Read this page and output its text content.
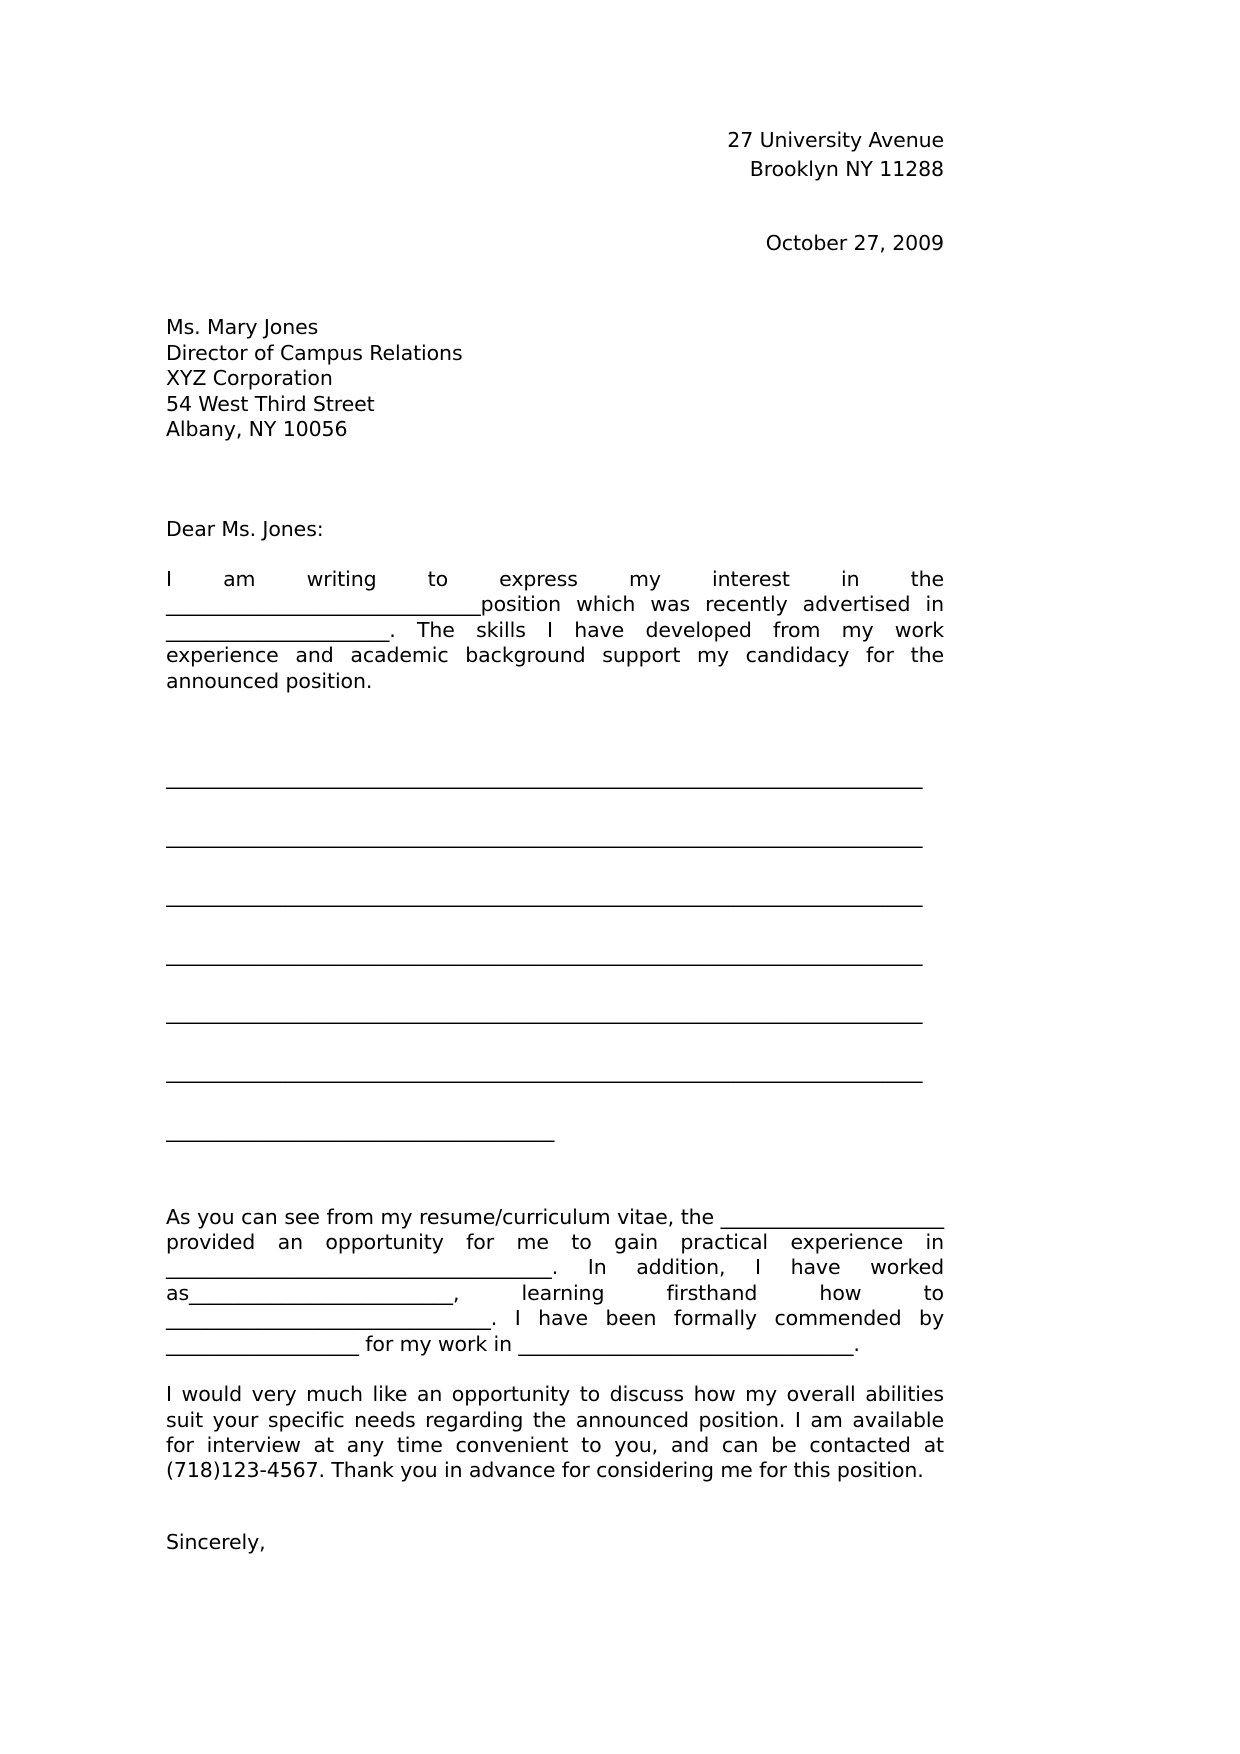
27 University Avenue
Brooklyn NY 11288
October 27, 2009
Ms. Mary Jones
Director of Campus Relations
XYZ Corporation
54 West Third Street
Albany, NY 10056
Dear Ms. Jones:
I am writing to express my interest in the _______________________________position which was recently advertised in ______________________. The skills I have developed from my work experience and academic background support my candidacy for the announced position.

____________________________________________________________________________

____________________________________________________________________________

____________________________________________________________________________

____________________________________________________________________________

____________________________________________________________________________

____________________________________________________________________________

_______________________________________

As you can see from my resume/curriculum vitae, the ______________________ provided an opportunity for me to gain practical experience in ______________________________________. In addition, I have worked as__________________________, learning firsthand how to ________________________________. I have been formally commended by ___________________ for my work in _________________________________.
I would very much like an opportunity to discuss how my overall abilities suit your specific needs regarding the announced position. I am available for interview at any time convenient to you, and can be contacted at (718)123-4567. Thank you in advance for considering me for this position.
Sincerely,
